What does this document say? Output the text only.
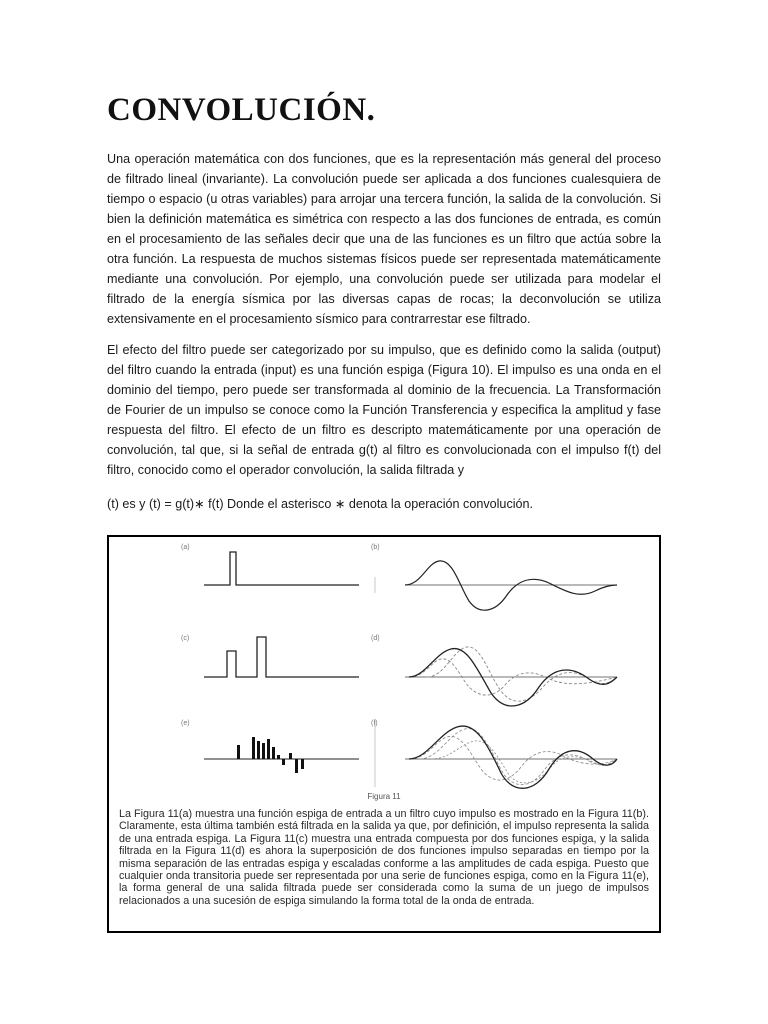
CONVOLUCIÓN.

Una operación matemática con dos funciones, que es la representación más general del proceso de filtrado lineal (invariante). La convolución puede ser aplicada a dos funciones cualesquiera de tiempo o espacio (u otras variables) para arrojar una tercera función, la salida de la convolución. Si bien la definición matemática es simétrica con respecto a las dos funciones de entrada, es común en el procesamiento de las señales decir que una de las funciones es un filtro que actúa sobre la otra función. La respuesta de muchos sistemas físicos puede ser representada matemáticamente mediante una convolución. Por ejemplo, una convolución puede ser utilizada para modelar el filtrado de la energía sísmica por las diversas capas de rocas; la deconvolución se utiliza extensivamente en el procesamiento sísmico para contrarrestar ese filtrado.

El efecto del filtro puede ser categorizado por su impulso, que es definido como la salida (output) del filtro cuando la entrada (input) es una función espiga (Figura 10). El impulso es una onda en el dominio del tiempo, pero puede ser transformada al dominio de la frecuencia. La Transformación de Fourier de un impulso se conoce como la Función Transferencia y especifica la amplitud y fase respuesta del filtro. El efecto de un filtro es descripto matemáticamente por una operación de convolución, tal que, si la señal de entrada g(t) al filtro es convolucionada con el impulso f(t) del filtro, conocido como el operador convolución, la salida filtrada y

(t) es y (t) = g(t)∗ f(t) Donde el asterisco ∗ denota la operación convolución.

(a)	(b)
(c)	(d)
(e)	(f)
Figura 11

La Figura 11(a) muestra una función espiga de entrada a un filtro cuyo impulso es mostrado en la Figura 11(b). Claramente, esta última también está filtrada en la salida ya que, por definición, el impulso representa la salida de una entrada espiga. La Figura 11(c) muestra una entrada compuesta por dos funciones espiga, y la salida filtrada en la Figura 11(d) es ahora la superposición de dos funciones impulso separadas en tiempo por la misma separación de las entradas espiga y escaladas conforme a las amplitudes de cada espiga. Puesto que cualquier onda transitoria puede ser representada por una serie de funciones espiga, como en la Figura 11(e), la forma general de una salida filtrada puede ser considerada como la suma de un juego de impulsos relacionados a una sucesión de espiga simulando la forma total de la onda de entrada.
